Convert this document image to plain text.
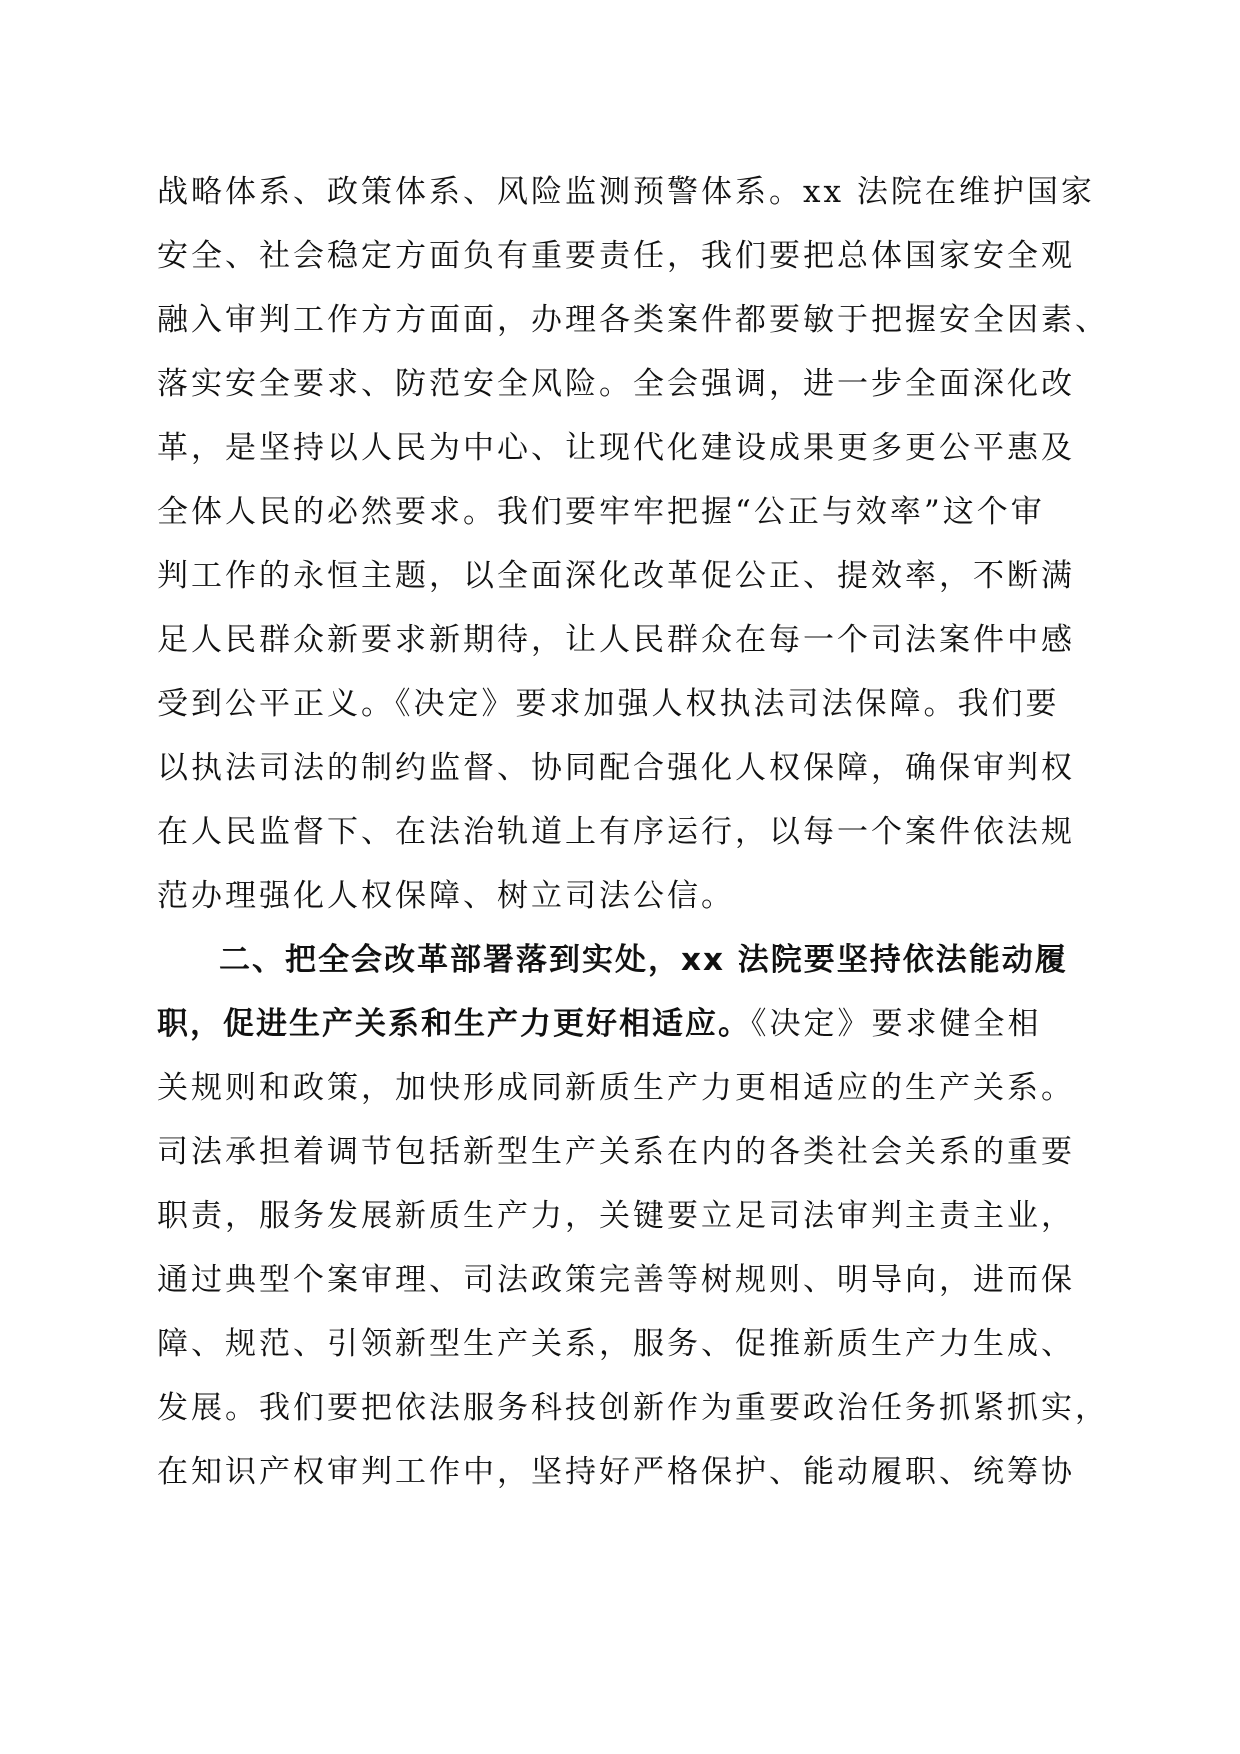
战略体系、政策体系、风险监测预警体系。xx 法院在维护国家
安全、社会稳定方面负有重要责任，我们要把总体国家安全观
融入审判工作方方面面，办理各类案件都要敏于把握安全因素、
落实安全要求、防范安全风险。全会强调，进一步全面深化改
革，是坚持以人民为中心、让现代化建设成果更多更公平惠及
全体人民的必然要求。我们要牢牢把握“公正与效率”这个审
判工作的永恒主题，以全面深化改革促公正、提效率，不断满
足人民群众新要求新期待，让人民群众在每一个司法案件中感
受到公平正义。《决定》要求加强人权执法司法保障。我们要
以执法司法的制约监督、协同配合强化人权保障，确保审判权
在人民监督下、在法治轨道上有序运行，以每一个案件依法规
范办理强化人权保障、树立司法公信。
二、把全会改革部署落到实处，xx 法院要坚持依法能动履
职，促进生产关系和生产力更好相适应。《决定》要求健全相
关规则和政策，加快形成同新质生产力更相适应的生产关系。
司法承担着调节包括新型生产关系在内的各类社会关系的重要
职责，服务发展新质生产力，关键要立足司法审判主责主业，
通过典型个案审理、司法政策完善等树规则、明导向，进而保
障、规范、引领新型生产关系，服务、促推新质生产力生成、
发展。我们要把依法服务科技创新作为重要政治任务抓紧抓实，
在知识产权审判工作中，坚持好严格保护、能动履职、统筹协
